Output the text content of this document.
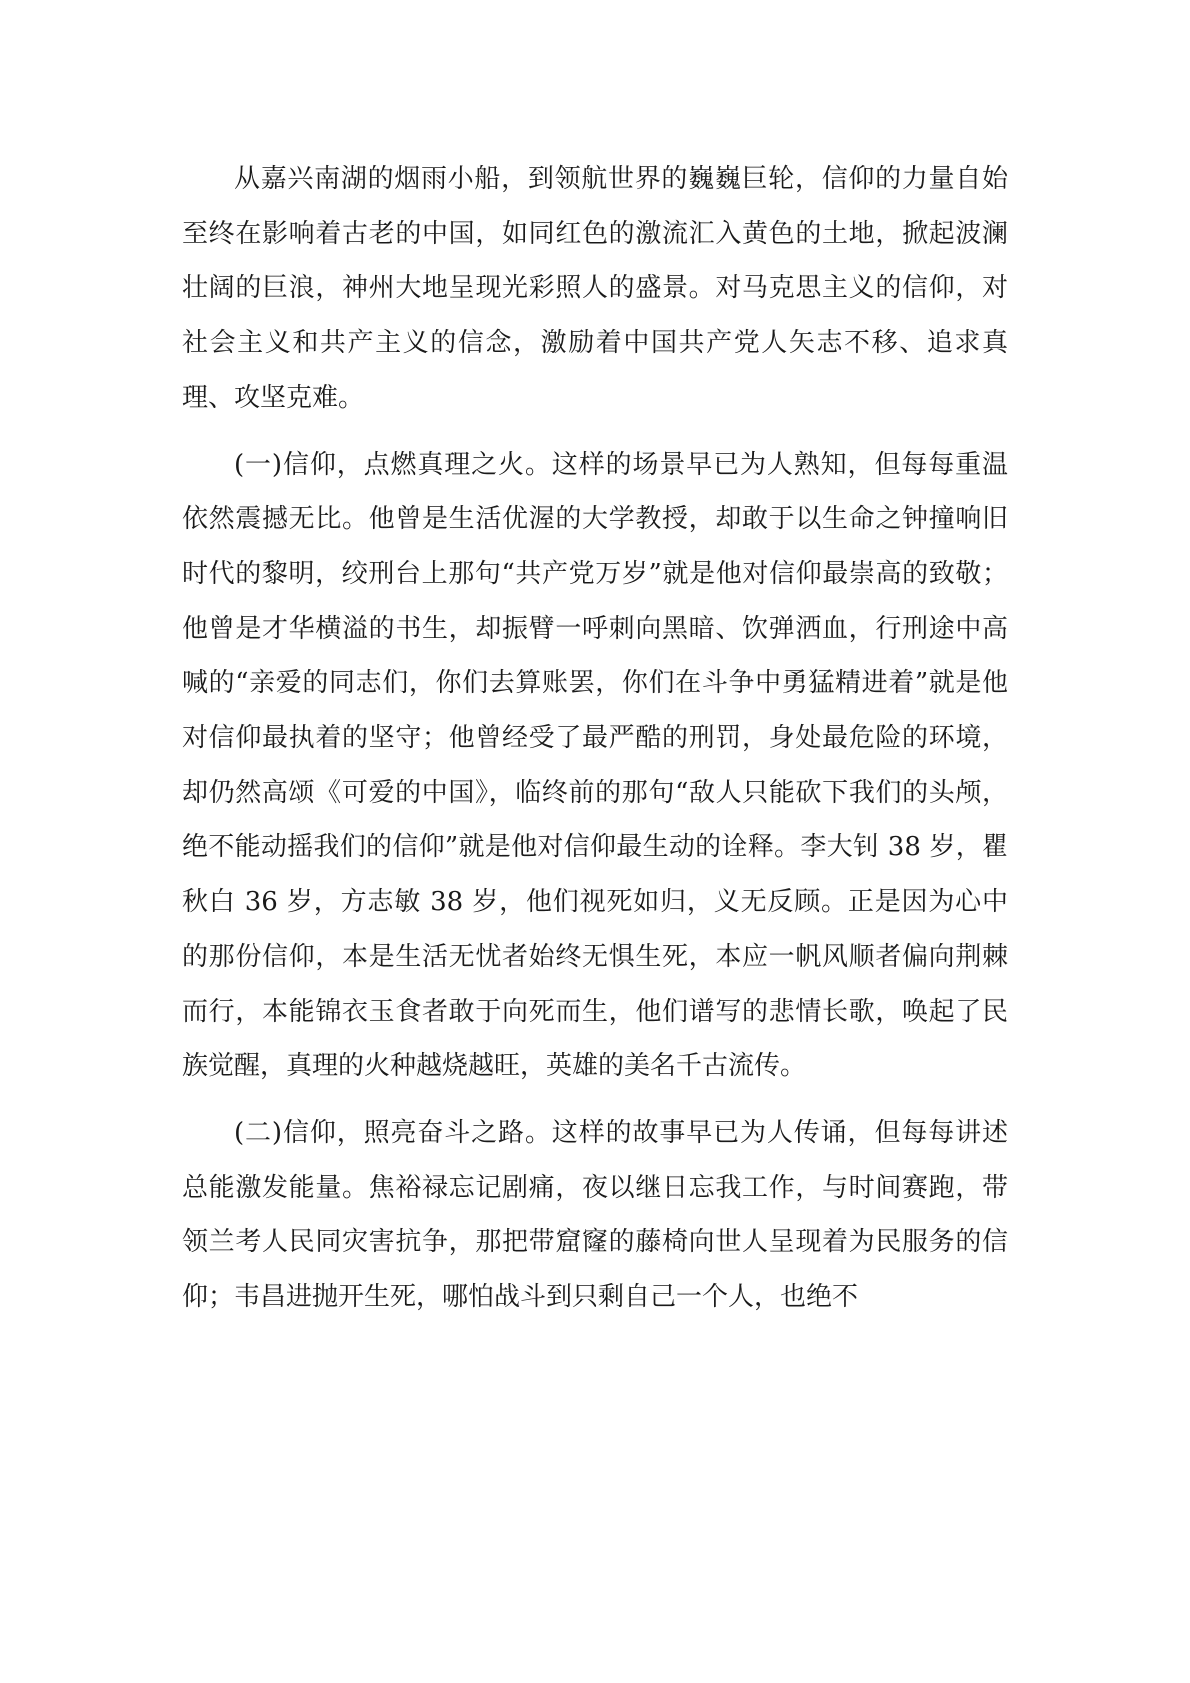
从嘉兴南湖的烟雨小船，到领航世界的巍巍巨轮，信仰的力量自始至终在影响着古老的中国，如同红色的激流汇入黄色的土地，掀起波澜壮阔的巨浪，神州大地呈现光彩照人的盛景。对马克思主义的信仰，对社会主义和共产主义的信念，激励着中国共产党人矢志不移、追求真理、攻坚克难。

(一)信仰，点燃真理之火。这样的场景早已为人熟知，但每每重温依然震撼无比。他曾是生活优渥的大学教授，却敢于以生命之钟撞响旧时代的黎明，绞刑台上那句“共产党万岁”就是他对信仰最崇高的致敬；他曾是才华横溢的书生，却振臂一呼刺向黑暗、饮弹洒血，行刑途中高喊的“亲爱的同志们，你们去算账罢，你们在斗争中勇猛精进着”就是他对信仰最执着的坚守；他曾经受了最严酷的刑罚，身处最危险的环境，却仍然高颂《可爱的中国》，临终前的那句“敌人只能砍下我们的头颅，绝不能动摇我们的信仰”就是他对信仰最生动的诠释。李大钊 38 岁，瞿秋白 36 岁，方志敏 38 岁，他们视死如归，义无反顾。正是因为心中的那份信仰，本是生活无忧者始终无惧生死，本应一帆风顺者偏向荆棘而行，本能锦衣玉食者敢于向死而生，他们谱写的悲情长歌，唤起了民族觉醒，真理的火种越烧越旺，英雄的美名千古流传。

(二)信仰，照亮奋斗之路。这样的故事早已为人传诵，但每每讲述总能激发能量。焦裕禄忘记剧痛，夜以继日忘我工作，与时间赛跑，带领兰考人民同灾害抗争，那把带窟窿的藤椅向世人呈现着为民服务的信仰；韦昌进抛开生死，哪怕战斗到只剩自己一个人，也绝不
